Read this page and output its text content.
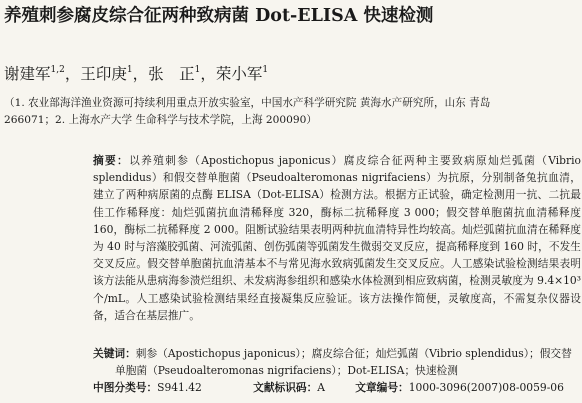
养殖刺参腐皮综合征两种致病菌 Dot-ELISA 快速检测
谢建军$^{1,2}$，王印庚$^1$，张　正$^1$，荣小军$^1$
（1. 农业部海洋渔业资源可持续利用重点开放实验室，中国水产科学研究院 黄海水产研究所，山东 青岛
266071；2. 上海水产大学 生命科学与技术学院，上海 200090）
摘要：以养殖刺参（Apostichopus japonicus）腐皮综合征两种主要致病原灿烂弧菌（Vibrio splendidus）和假交替单胞菌（Pseudoalteromonas nigrifaciens）为抗原，分别制备兔抗血清，建立了两种病原菌的点酶 ELISA（Dot-ELISA）检测方法。根据方正试验，确定检测用一抗、二抗最佳工作稀释度：灿烂弧菌抗血清稀释度 320，酶标二抗稀释度 3 000；假交替单胞菌抗血清稀释度 160，酶标二抗稀释度 2 000。阻断试验结果表明两种抗血清特异性均较高。灿烂弧菌抗血清在稀释度为 40 时与溶藻胶弧菌、河流弧菌、创伤弧菌等弧菌发生微弱交叉反应，提高稀释度到 160 时，不发生交叉反应。假交替单胞菌抗血清基本不与常见海水致病弧菌发生交叉反应。人工感染试验检测结果表明该方法能从患病海参溃烂组织、未发病海参组织和感染水体检测到相应致病菌，检测灵敏度为 9.4×10³ 个/mL。人工感染试验检测结果经直接凝集反应验证。该方法操作简便，灵敏度高，不需复杂仪器设备，适合在基层推广。
关键词：刺参（Apostichopus japonicus）；腐皮综合征；灿烂弧菌（Vibrio splendidus）；假交替
单胞菌（Pseudoalteromonas nigrifaciens）；Dot-ELISA；快速检测
中图分类号：S941.42	文献标识码：A	文章编号：1000-3096(2007)08-0059-06
